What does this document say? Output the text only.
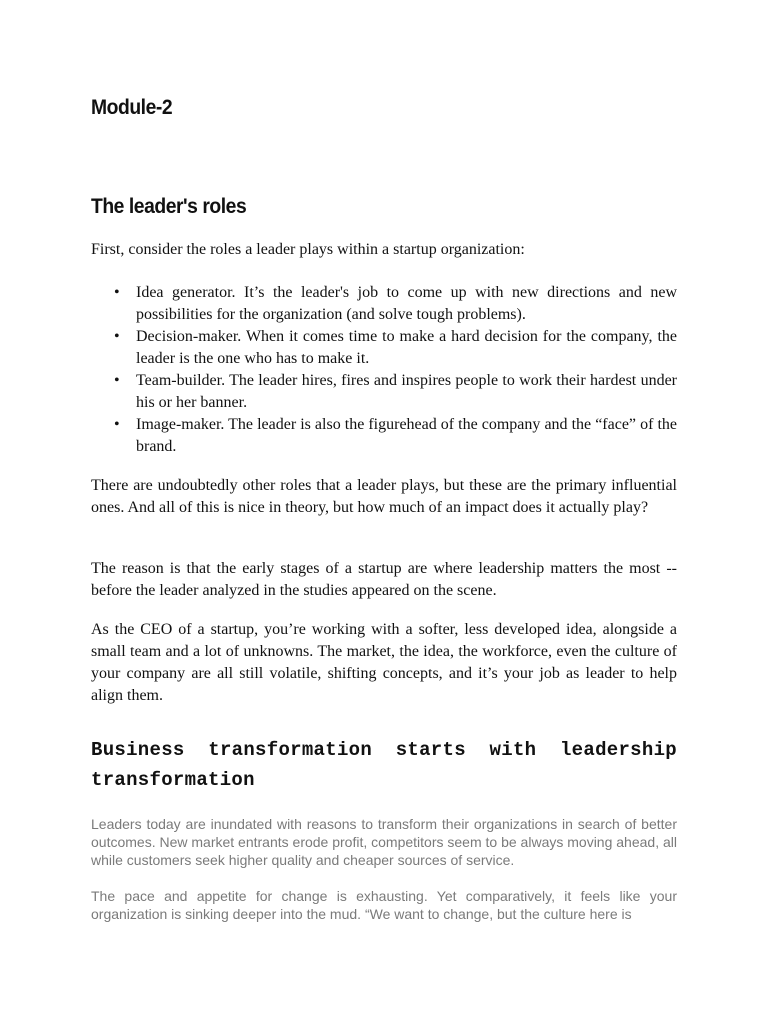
Module-2
The leader's roles

First, consider the roles a leader plays within a startup organization:

• Idea generator. It’s the leader's job to come up with new directions and new possibilities for the organization (and solve tough problems).
• Decision-maker. When it comes time to make a hard decision for the company, the leader is the one who has to make it.
• Team-builder. The leader hires, fires and inspires people to work their hardest under his or her banner.
• Image-maker. The leader is also the figurehead of the company and the “face” of the brand.

There are undoubtedly other roles that a leader plays, but these are the primary influential ones. And all of this is nice in theory, but how much of an impact does it actually play?

The reason is that the early stages of a startup are where leadership matters the most -- before the leader analyzed in the studies appeared on the scene.

As the CEO of a startup, you’re working with a softer, less developed idea, alongside a small team and a lot of unknowns. The market, the idea, the workforce, even the culture of your company are all still volatile, shifting concepts, and it’s your job as leader to help align them.

Business transformation starts with leadership transformation

Leaders today are inundated with reasons to transform their organizations in search of better outcomes. New market entrants erode profit, competitors seem to be always moving ahead, all while customers seek higher quality and cheaper sources of service.

The pace and appetite for change is exhausting. Yet comparatively, it feels like your organization is sinking deeper into the mud. “We want to change, but the culture here is
